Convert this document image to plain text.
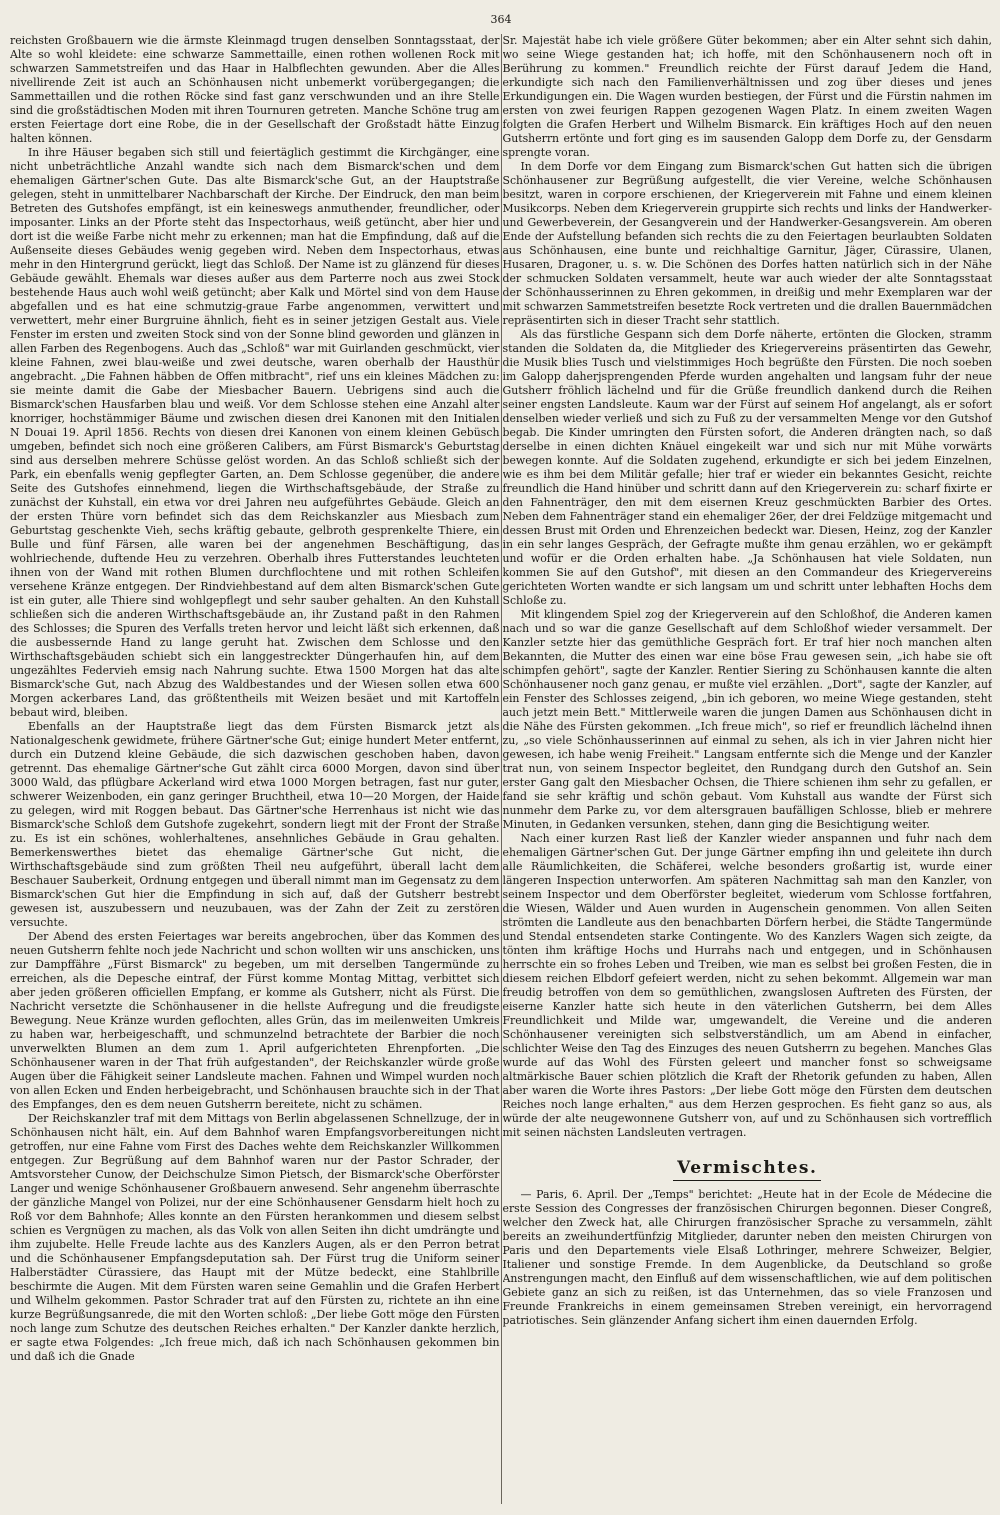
364

reichsten Großbauern wie die ärmste Kleinmagd trugen denselben Sonntagsstaat, der Alte so wohl kleidete: eine schwarze Sammettaille, einen rothen wollenen Rock mit schwarzen Sammetstreifen und das Haar in Halbflechten gewunden. Aber die Alles nivellirende Zeit ist auch an Schönhausen nicht unbemerkt vorübergegangen; die Sammettaillen und die rothen Röcke sind fast ganz verschwunden und an ihre Stelle sind die großstädtischen Moden mit ihren Tournuren getreten. Manche Schöne trug am ersten Feiertage dort eine Robe, die in der Gesellschaft der Großstadt hätte Einzug halten können.

In ihre Häuser begaben sich still und feiertäglich gestimmt die Kirchgänger, eine nicht unbeträchtliche Anzahl wandte sich nach dem Bismarck'schen und dem ehemaligen Gärtner'schen Gute. Das alte Bismarck'sche Gut, an der Hauptstraße gelegen, steht in unmittelbarer Nachbarschaft der Kirche. Der Eindruck, den man beim Betreten des Gutshofes empfängt, ist ein keineswegs anmuthender, freundlicher, oder imposanter. Links an der Pforte steht das Inspectorhaus, weiß getüncht, aber hier und dort ist die weiße Farbe nicht mehr zu erkennen; man hat die Empfindung, daß auf die Außenseite dieses Gebäudes wenig gegeben wird. Neben dem Inspectorhaus, etwas mehr in den Hintergrund gerückt, liegt das Schloß. Der Name ist zu glänzend für dieses Gebäude gewählt. Ehemals war dieses außer aus dem Parterre noch aus zwei Stock bestehende Haus auch wohl weiß getüncht; aber Kalk und Mörtel sind von dem Hause abgefallen und es hat eine schmutzig-graue Farbe angenommen, verwittert und verwettert, mehr einer Burgruine ähnlich, fieht es in seiner jetzigen Gestalt aus. Viele Fenster im ersten und zweiten Stock sind von der Sonne blind geworden und glänzen in allen Farben des Regenbogens. Auch das „Schloß" war mit Guirlanden geschmückt, vier kleine Fahnen, zwei blau-weiße und zwei deutsche, waren oberhalb der Hausthür angebracht. „Die Fahnen häbben de Offen mitbracht", rief uns ein kleines Mädchen zu: sie meinte damit die Gabe der Miesbacher Bauern. Uebrigens sind auch die Bismarck'schen Hausfarben blau und weiß. Vor dem Schlosse stehen eine Anzahl alter knorriger, hochstämmiger Bäume und zwischen diesen drei Kanonen mit den Initialen N Douai 19. April 1856. Rechts von diesen drei Kanonen von einem kleinen Gebüsch umgeben, befindet sich noch eine größeren Calibers, am Fürst Bismarck's Geburtstag sind aus derselben mehrere Schüsse gelöst worden. An das Schloß schließt sich der Park, ein ebenfalls wenig gepflegter Garten, an. Dem Schlosse gegenüber, die andere Seite des Gutshofes einnehmend, liegen die Wirthschaftsgebäude, der Straße zu zunächst der Kuhstall, ein etwa vor drei Jahren neu aufgeführtes Gebäude. Gleich an der ersten Thüre vorn befindet sich das dem Reichskanzler aus Miesbach zum Geburtstag geschenkte Vieh, sechs kräftig gebaute, gelbroth gesprenkelte Thiere, ein Bulle und fünf Färsen, alle waren bei der angenehmen Beschäftigung, das wohlriechende, duftende Heu zu verzehren. Oberhalb ihres Futterstandes leuchteten ihnen von der Wand mit rothen Blumen durchflochtene und mit rothen Schleifen versehene Kränze entgegen. Der Rindviehbestand auf dem alten Bismarck'schen Gute ist ein guter, alle Thiere sind wohlgepflegt und sehr sauber gehalten. An den Kuhstall schließen sich die anderen Wirthschaftsgebäude an, ihr Zustand paßt in den Rahmen des Schlosses; die Spuren des Verfalls treten hervor und leicht läßt sich erkennen, daß die ausbessernde Hand zu lange geruht hat. Zwischen dem Schlosse und den Wirthschaftsgebäuden schiebt sich ein langgestreckter Düngerhaufen hin, auf dem ungezähltes Federvieh emsig nach Nahrung suchte. Etwa 1500 Morgen hat das alte Bismarck'sche Gut, nach Abzug des Waldbestandes und der Wiesen sollen etwa 600 Morgen ackerbares Land, das größtentheils mit Weizen besäet und mit Kartoffeln bebaut wird, bleiben.

Ebenfalls an der Hauptstraße liegt das dem Fürsten Bismarck jetzt als Nationalgeschenk gewidmete, frühere Gärtner'sche Gut; einige hundert Meter entfernt, durch ein Dutzend kleine Gebäude, die sich dazwischen geschoben haben, davon getrennt. Das ehemalige Gärtner'sche Gut zählt circa 6000 Morgen, davon sind über 3000 Wald, das pflügbare Ackerland wird etwa 1000 Morgen betragen, fast nur guter, schwerer Weizenboden, ein ganz geringer Bruchtheil, etwa 10—20 Morgen, der Haide zu gelegen, wird mit Roggen bebaut. Das Gärtner'sche Herrenhaus ist nicht wie das Bismarck'sche Schloß dem Gutshofe zugekehrt, sondern liegt mit der Front der Straße zu. Es ist ein schönes, wohlerhaltenes, ansehnliches Gebäude in Grau gehalten. Bemerkenswerthes bietet das ehemalige Gärtner'sche Gut nicht, die Wirthschaftsgebäude sind zum größten Theil neu aufgeführt, überall lacht dem Beschauer Sauberkeit, Ordnung entgegen und überall nimmt man im Gegensatz zu dem Bismarck'schen Gut hier die Empfindung in sich auf, daß der Gutsherr bestrebt gewesen ist, auszubessern und neuzubauen, was der Zahn der Zeit zu zerstören versuchte.

Der Abend des ersten Feiertages war bereits angebrochen, über das Kommen des neuen Gutsherrn fehlte noch jede Nachricht und schon wollten wir uns anschicken, uns zur Dampffähre „Fürst Bismarck" zu begeben, um mit derselben Tangermünde zu erreichen, als die Depesche eintraf, der Fürst komme Montag Mittag, verbittet sich aber jeden größeren officiellen Empfang, er komme als Gutsherr, nicht als Fürst. Die Nachricht versetzte die Schönhausener in die hellste Aufregung und die freudigste Bewegung. Neue Kränze wurden geflochten, alles Grün, das im meilenweiten Umkreis zu haben war, herbeigeschafft, und schmunzelnd betrachtete der Barbier die noch unverwelkten Blumen an dem zum 1. April aufgerichteten Ehrenpforten. „Die Schönhausener waren in der That früh aufgestanden", der Reichskanzler würde große Augen über die Fähigkeit seiner Landsleute machen. Fahnen und Wimpel wurden noch von allen Ecken und Enden herbeigebracht, und Schönhausen brauchte sich in der That des Empfanges, den es dem neuen Gutsherrn bereitete, nicht zu schämen.

Der Reichskanzler traf mit dem Mittags von Berlin abgelassenen Schnellzuge, der in Schönhausen nicht hält, ein. Auf dem Bahnhof waren Empfangsvorbereitungen nicht getroffen, nur eine Fahne vom First des Daches wehte dem Reichskanzler Willkommen entgegen. Zur Begrüßung auf dem Bahnhof waren nur der Pastor Schrader, der Amtsvorsteher Cunow, der Deichschulze Simon Pietsch, der Bismarck'sche Oberförster Langer und wenige Schönhausener Großbauern anwesend. Sehr angenehm überraschte der gänzliche Mangel von Polizei, nur der eine Schönhausener Gensdarm hielt hoch zu Roß vor dem Bahnhofe; Alles konnte an den Fürsten herankommen und diesem selbst schien es Vergnügen zu machen, als das Volk von allen Seiten ihn dicht umdrängte und ihm zujubelte. Helle Freude lachte aus des Kanzlers Augen, als er den Perron betrat und die Schönhausener Empfangsdeputation sah. Der Fürst trug die Uniform seiner Halberstädter Cürassiere, das Haupt mit der Mütze bedeckt, eine Stahlbrille beschirmte die Augen. Mit dem Fürsten waren seine Gemahlin und die Grafen Herbert und Wilhelm gekommen. Pastor Schrader trat auf den Fürsten zu, richtete an ihn eine kurze Begrüßungsanrede, die mit den Worten schloß: „Der liebe Gott möge den Fürsten noch lange zum Schutze des deutschen Reiches erhalten." Der Kanzler dankte herzlich, er sagte etwa Folgendes: „Ich freue mich, daß ich nach Schönhausen gekommen bin und daß ich die Gnade

Sr. Majestät habe ich viele größere Güter bekommen; aber ein Alter sehnt sich dahin, wo seine Wiege gestanden hat; ich hoffe, mit den Schönhausenern noch oft in Berührung zu kommen." Freundlich reichte der Fürst darauf Jedem die Hand, erkundigte sich nach den Familienverhältnissen und zog über dieses und jenes Erkundigungen ein. Die Wagen wurden bestiegen, der Fürst und die Fürstin nahmen im ersten von zwei feurigen Rappen gezogenen Wagen Platz. In einem zweiten Wagen folgten die Grafen Herbert und Wilhelm Bismarck. Ein kräftiges Hoch auf den neuen Gutsherrn ertönte und fort ging es im sausenden Galopp dem Dorfe zu, der Gensdarm sprengte voran.

In dem Dorfe vor dem Eingang zum Bismarck'schen Gut hatten sich die übrigen Schönhausener zur Begrüßung aufgestellt, die vier Vereine, welche Schönhausen besitzt, waren in corpore erschienen, der Kriegerverein mit Fahne und einem kleinen Musikcorps. Neben dem Kriegerverein gruppirte sich rechts und links der Handwerker- und Gewerbeverein, der Gesangverein und der Handwerker-Gesangsverein. Am oberen Ende der Aufstellung befanden sich rechts die zu den Feiertagen beurlaubten Soldaten aus Schönhausen, eine bunte und reichhaltige Garnitur, Jäger, Cürassire, Ulanen, Husaren, Dragoner, u. s. w. Die Schönen des Dorfes hatten natürlich sich in der Nähe der schmucken Soldaten versammelt, heute war auch wieder der alte Sonntagsstaat der Schönhausserinnen zu Ehren gekommen, in dreißig und mehr Exemplaren war der mit schwarzen Sammetstreifen besetzte Rock vertreten und die drallen Bauernmädchen repräsentirten sich in dieser Tracht sehr stattlich.

Als das fürstliche Gespann sich dem Dorfe näherte, ertönten die Glocken, stramm standen die Soldaten da, die Mitglieder des Kriegervereins präsentirten das Gewehr, die Musik blies Tusch und vielstimmiges Hoch begrüßte den Fürsten. Die noch soeben im Galopp daherjsprengenden Pferde wurden angehalten und langsam fuhr der neue Gutsherr fröhlich lächelnd und für die Grüße freundlich dankend durch die Reihen seiner engsten Landsleute. Kaum war der Fürst auf seinem Hof angelangt, als er sofort denselben wieder verließ und sich zu Fuß zu der versammelten Menge vor den Gutshof begab. Die Kinder umringten den Fürsten sofort, die Anderen drängten nach, so daß derselbe in einen dichten Knäuel eingekeilt war und sich nur mit Mühe vorwärts bewegen konnte. Auf die Soldaten zugehend, erkundigte er sich bei jedem Einzelnen, wie es ihm bei dem Militär gefalle; hier traf er wieder ein bekanntes Gesicht, reichte freundlich die Hand hinüber und schritt dann auf den Kriegerverein zu: scharf fixirte er den Fahnenträger, den mit dem eisernen Kreuz geschmückten Barbier des Ortes. Neben dem Fahnenträger stand ein ehemaliger 26er, der drei Feldzüge mitgemacht und dessen Brust mit Orden und Ehrenzeichen bedeckt war. Diesen, Heinz, zog der Kanzler in ein sehr langes Gespräch, der Gefragte mußte ihm genau erzählen, wo er gekämpft und wofür er die Orden erhalten habe. „Ja Schönhausen hat viele Soldaten, nun kommen Sie auf den Gutshof", mit diesen an den Commandeur des Kriegervereins gerichteten Worten wandte er sich langsam um und schritt unter lebhaften Hochs dem Schloße zu.

Mit klingendem Spiel zog der Kriegerverein auf den Schloßhof, die Anderen kamen nach und so war die ganze Gesellschaft auf dem Schloßhof wieder versammelt. Der Kanzler setzte hier das gemüthliche Gespräch fort. Er traf hier noch manchen alten Bekannten, die Mutter des einen war eine böse Frau gewesen sein, „ich habe sie oft schimpfen gehört", sagte der Kanzler. Rentier Siering zu Schönhausen kannte die alten Schönhausener noch ganz genau, er mußte viel erzählen. „Dort", sagte der Kanzler, auf ein Fenster des Schlosses zeigend, „bin ich geboren, wo meine Wiege gestanden, steht auch jetzt mein Bett." Mittlerweile waren die jungen Damen aus Schönhausen dicht in die Nähe des Fürsten gekommen. „Ich freue mich", so rief er freundlich lächelnd ihnen zu, „so viele Schönhausserinnen auf einmal zu sehen, als ich in vier Jahren nicht hier gewesen, ich habe wenig Freiheit." Langsam entfernte sich die Menge und der Kanzler trat nun, von seinem Inspector begleitet, den Rundgang durch den Gutshof an. Sein erster Gang galt den Miesbacher Ochsen, die Thiere schienen ihm sehr zu gefallen, er fand sie sehr kräftig und schön gebaut. Vom Kuhstall aus wandte der Fürst sich nunmehr dem Parke zu, vor dem altersgrauen baufälligen Schlosse, blieb er mehrere Minuten, in Gedanken versunken, stehen, dann ging die Besichtigung weiter.

Nach einer kurzen Rast ließ der Kanzler wieder anspannen und fuhr nach dem ehemaligen Gärtner'schen Gut. Der junge Gärtner empfing ihn und geleitete ihn durch alle Räumlichkeiten, die Schäferei, welche besonders großartig ist, wurde einer längeren Inspection unterworfen. Am späteren Nachmittag sah man den Kanzler, von seinem Inspector und dem Oberförster begleitet, wiederum vom Schlosse fortfahren, die Wiesen, Wälder und Auen wurden in Augenschein genommen. Von allen Seiten strömten die Landleute aus den benachbarten Dörfern herbei, die Städte Tangermünde und Stendal entsendeten starke Contingente. Wo des Kanzlers Wagen sich zeigte, da tönten ihm kräftige Hochs und Hurrahs nach und entgegen, und in Schönhausen herrschte ein so frohes Leben und Treiben, wie man es selbst bei großen Festen, die in diesem reichen Elbdorf gefeiert werden, nicht zu sehen bekommt. Allgemein war man freudig betroffen von dem so gemüthlichen, zwangslosen Auftreten des Fürsten, der eiserne Kanzler hatte sich heute in den väterlichen Gutsherrn, bei dem Alles Freundlichkeit und Milde war, umgewandelt, die Vereine und die anderen Schönhausener vereinigten sich selbstverständlich, um am Abend in einfacher, schlichter Weise den Tag des Einzuges des neuen Gutsherrn zu begehen. Manches Glas wurde auf das Wohl des Fürsten geleert und mancher fonst so schweigsame altmärkische Bauer schien plötzlich die Kraft der Rhetorik gefunden zu haben, Allen aber waren die Worte ihres Pastors: „Der liebe Gott möge den Fürsten dem deutschen Reiches noch lange erhalten," aus dem Herzen gesprochen. Es fieht ganz so aus, als würde der alte neugewonnene Gutsherr von, auf und zu Schönhausen sich vortrefflich mit seinen nächsten Landsleuten vertragen.

Vermischtes.

— Paris, 6. April. Der „Temps" berichtet: „Heute hat in der Ecole de Médecine die erste Session des Congresses der französischen Chirurgen begonnen. Dieser Congreß, welcher den Zweck hat, alle Chirurgen französischer Sprache zu versammeln, zählt bereits an zweihundertfünfzig Mitglieder, darunter neben den meisten Chirurgen von Paris und den Departements viele Elsaß Lothringer, mehrere Schweizer, Belgier, Italiener und sonstige Fremde. In dem Augenblicke, da Deutschland so große Anstrengungen macht, den Einfluß auf dem wissenschaftlichen, wie auf dem politischen Gebiete ganz an sich zu reißen, ist das Unternehmen, das so viele Franzosen und Freunde Frankreichs in einem gemeinsamen Streben vereinigt, ein hervorragend patriotisches. Sein glänzender Anfang sichert ihm einen dauernden Erfolg.
